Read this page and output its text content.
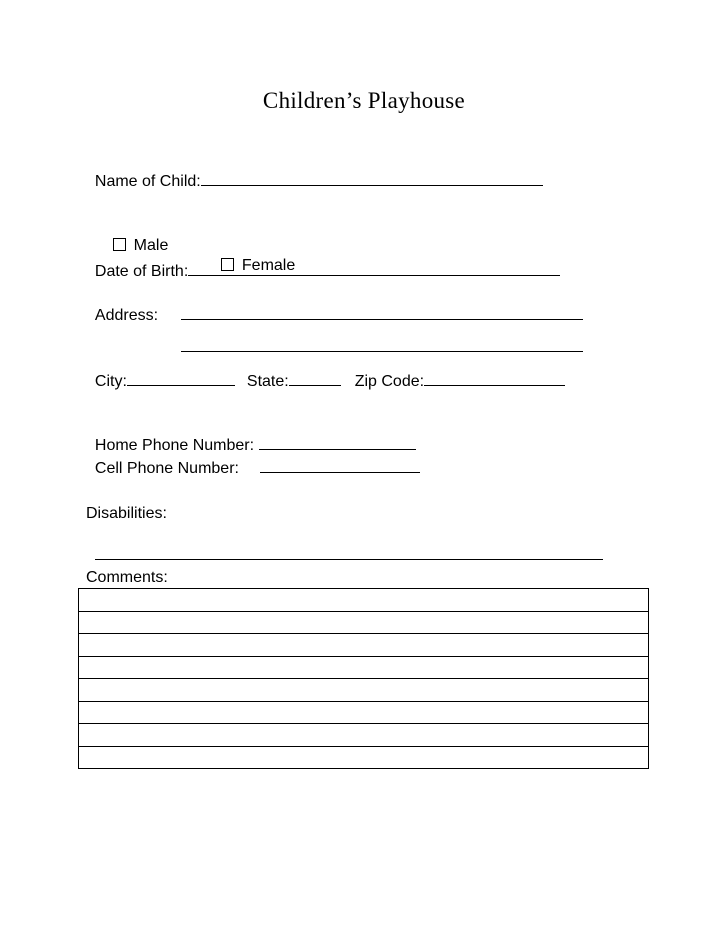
Children’s Playhouse

Name of Child:

Male
Female

Date of Birth:

Address:

City:	State:	Zip Code:

Home Phone Number:

Cell Phone Number:

Disabilities:

Comments:
